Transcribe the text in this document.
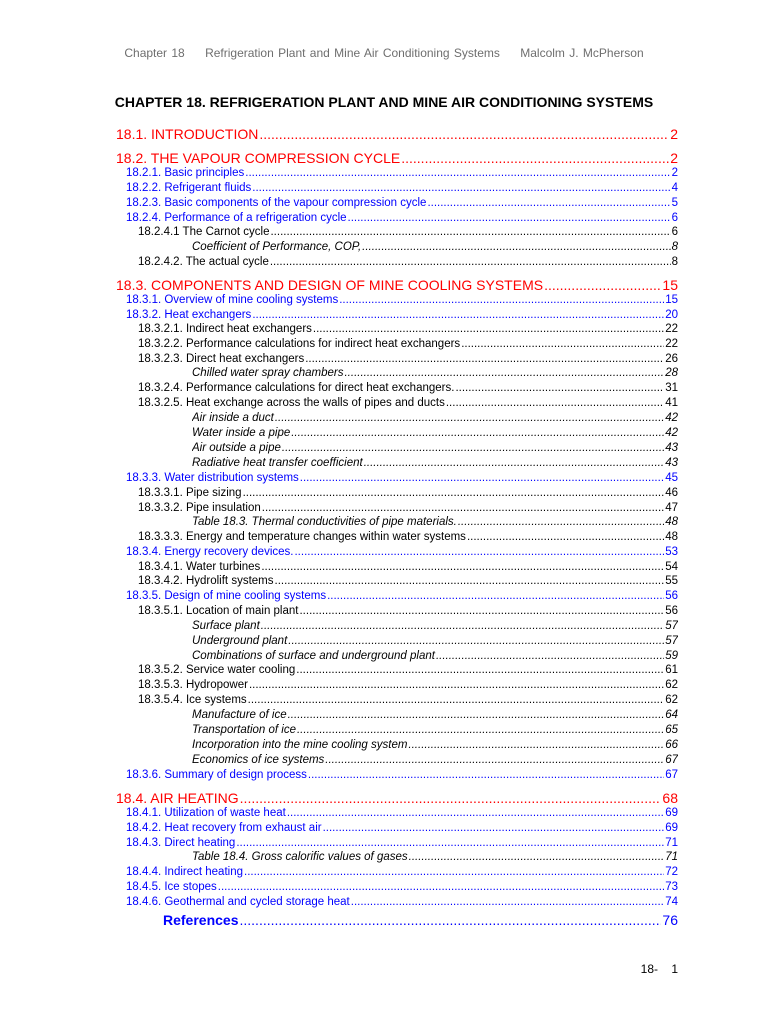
Chapter 18 Refrigeration Plant and Mine Air Conditioning Systems Malcolm J. McPherson
CHAPTER 18. REFRIGERATION PLANT AND MINE AIR CONDITIONING SYSTEMS
18.1. INTRODUCTION .....	2
18.2. THE VAPOUR COMPRESSION CYCLE .....	2
18.2.1. Basic principles .....	2
18.2.2. Refrigerant fluids .....	4
18.2.3. Basic components of the vapour compression cycle .....	5
18.2.4. Performance of a refrigeration cycle .....	6
18.2.4.1 The Carnot cycle .....	6
Coefficient of Performance, COP, .....	8
18.2.4.2. The actual cycle .....	8
18.3. COMPONENTS AND DESIGN OF MINE COOLING SYSTEMS .....	15
18.3.1. Overview of mine cooling systems .....	15
18.3.2. Heat exchangers .....	20
18.3.2.1. Indirect heat exchangers .....	22
18.3.2.2. Performance calculations for indirect heat exchangers .....	22
18.3.2.3. Direct heat exchangers .....	26
Chilled water spray chambers .....	28
18.3.2.4. Performance calculations for direct heat exchangers. .....	31
18.3.2.5. Heat exchange across the walls of pipes and ducts .....	41
Air inside a duct .....	42
Water inside a pipe .....	42
Air outside a pipe .....	43
Radiative heat transfer coefficient .....	43
18.3.3. Water distribution systems .....	45
18.3.3.1. Pipe sizing .....	46
18.3.3.2. Pipe insulation .....	47
Table 18.3. Thermal conductivities of pipe materials. .....	48
18.3.3.3. Energy and temperature changes within water systems .....	48
18.3.4. Energy recovery devices. .....	53
18.3.4.1. Water turbines .....	54
18.3.4.2. Hydrolift systems .....	55
18.3.5. Design of mine cooling systems .....	56
18.3.5.1. Location of main plant .....	56
Surface plant .....	57
Underground plant .....	57
Combinations of surface and underground plant .....	59
18.3.5.2. Service water cooling .....	61
18.3.5.3. Hydropower .....	62
18.3.5.4. Ice systems .....	62
Manufacture of ice .....	64
Transportation of ice .....	65
Incorporation into the mine cooling system .....	66
Economics of ice systems .....	67
18.3.6. Summary of design process .....	67
18.4. AIR HEATING .....	68
18.4.1. Utilization of waste heat .....	69
18.4.2. Heat recovery from exhaust air .....	69
18.4.3. Direct heating .....	71
Table 18.4. Gross calorific values of gases .....	71
18.4.4. Indirect heating .....	72
18.4.5. Ice stopes .....	73
18.4.6. Geothermal and cycled storage heat .....	74
References .....	76
18-    1
